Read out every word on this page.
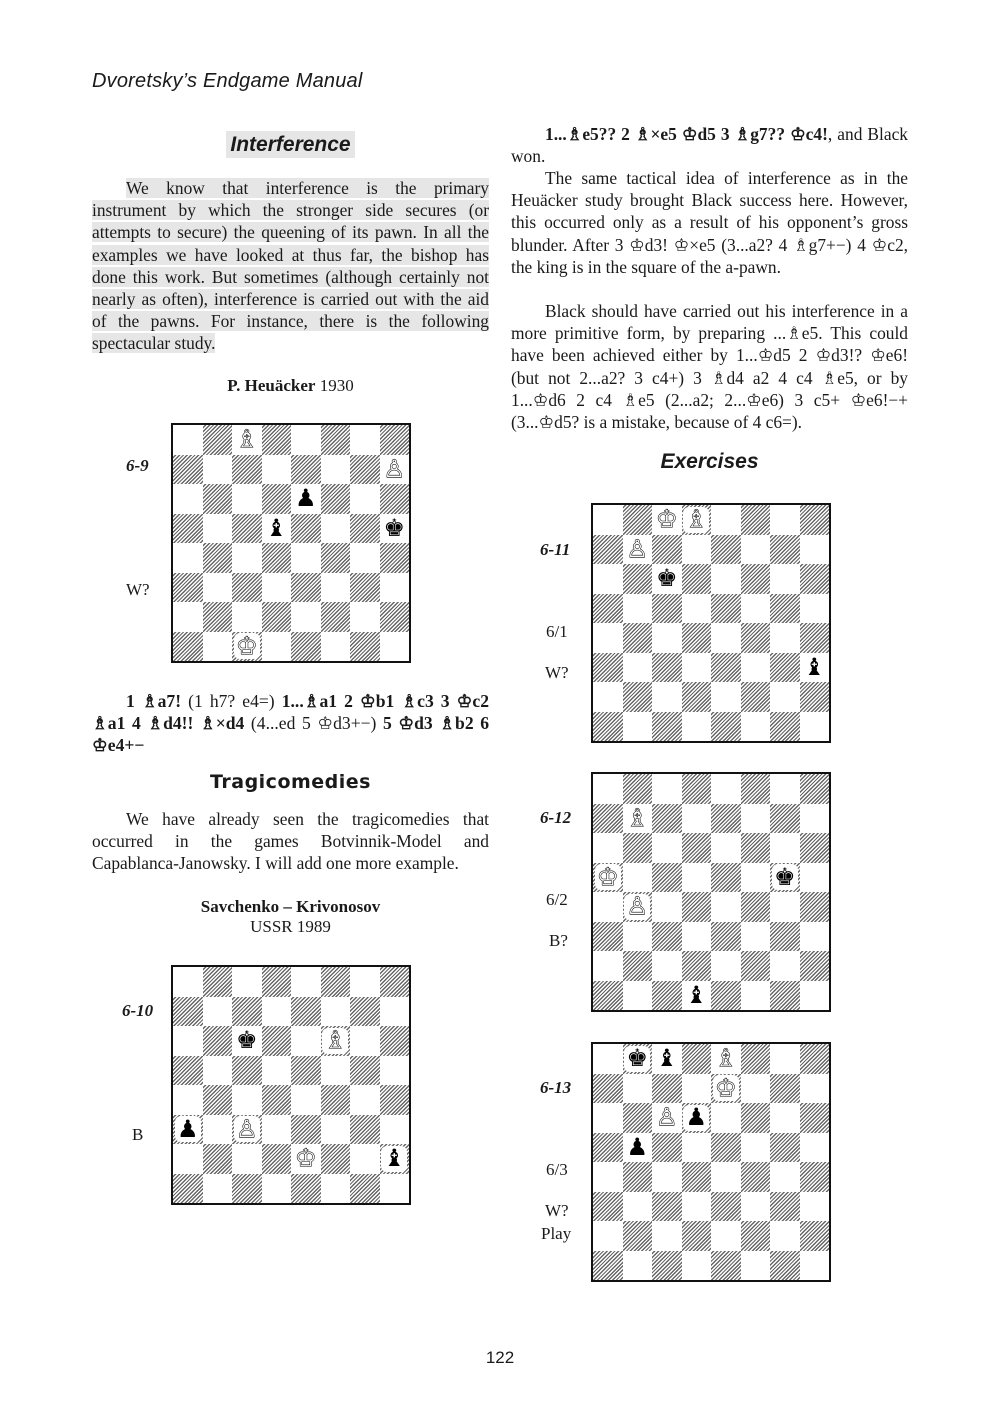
Dvoretsky’s Endgame Manual
Interference
We know that interference is the primary instrument by which the stronger side secures (or attempts to secure) the queening of its pawn. In all the examples we have looked at thus far, the bishop has done this work. But sometimes (although certainly not nearly as often), interference is carried out with the aid of the pawns. For instance, there is the following spectacular study.
P. Heuäcker 1930
6-9
W?
♗
♙
♟
♝	♚
♔
1 ♗a7! (1 h7? e4=) 1...♗a1 2 ♔b1 ♗c3 3 ♔c2 ♗a1 4 ♗d4!! ♗×d4 (4...ed 5 ♔d3+−) 5 ♔d3 ♗b2 6 ♔e4+−
Tragicomedies
We have already seen the tragicomedies that occurred in the games Botvinnik-Model and Capablanca-Janowsky. I will add one more example.
Savchenko – Krivonosov
USSR 1989
6-10
B
♚	♗
♟ ♙
♔	♝
1...♗e5?? 2 ♗×e5 ♔d5 3 ♗g7?? ♔c4!, and Black won.
The same tactical idea of interference as in the Heuäcker study brought Black success here. However, this occurred only as a result of his opponent’s gross blunder. After 3 ♔d3! ♔×e5 (3...a2? 4 ♗g7+−) 4 ♔c2, the king is in the square of the a-pawn.
Black should have carried out his interference in a more primitive form, by preparing ...♗e5. This could have been achieved either by 1...♔d5 2 ♔d3!? ♔e6! (but not 2...a2? 3 c4+) 3 ♗d4 a2 4 c4 ♗e5, or by 1...♔d6 2 c4 ♗e5 (2...a2; 2...♔e6) 3 c5+ ♔e6!−+ (3...♔d5? is a mistake, because of 4 c6=).
Exercises
6-11
6/1
W?
♔ ♗
♙
♚
♝
6-12
6/2
B?
♗
♔	♚
♙
♝
6-13
6/3
W?
Play
♚ ♝ ♗
♔
♙ ♟
♟
122
